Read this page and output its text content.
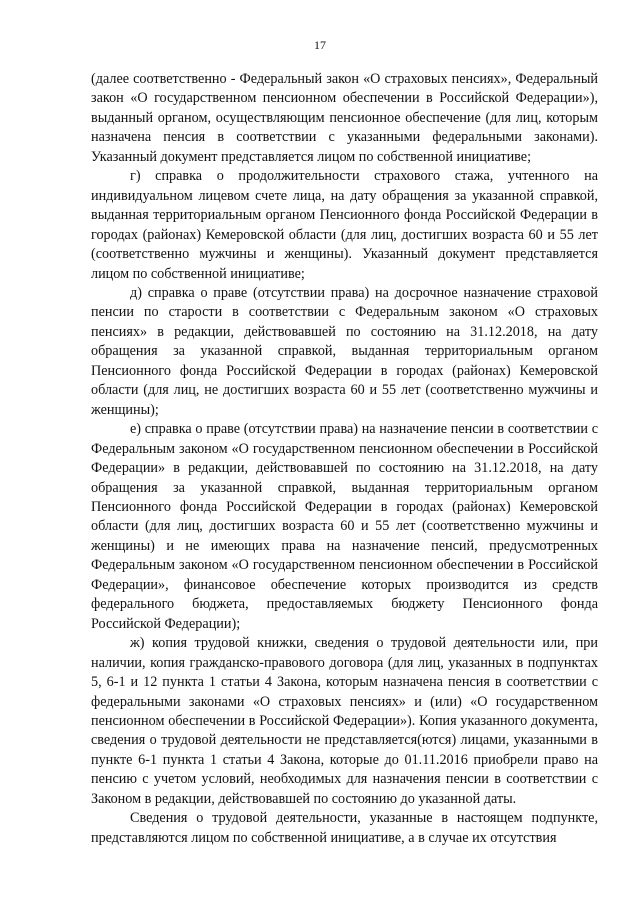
17

(далее соответственно - Федеральный закон «О страховых пенсиях», Федеральный закон «О государственном пенсионном обеспечении в Российской Федерации»), выданный органом, осуществляющим пенсионное обеспечение (для лиц, которым назначена пенсия в соответствии с указанными федеральными законами). Указанный документ представляется лицом по собственной инициативе;

г) справка о продолжительности страхового стажа, учтенного на индивидуальном лицевом счете лица, на дату обращения за указанной справкой, выданная территориальным органом Пенсионного фонда Российской Федерации в городах (районах) Кемеровской области (для лиц, достигших возраста 60 и 55 лет (соответственно мужчины и женщины). Указанный документ представляется лицом по собственной инициативе;

д) справка о праве (отсутствии права) на досрочное назначение страховой пенсии по старости в соответствии с Федеральным законом «О страховых пенсиях» в редакции, действовавшей по состоянию на 31.12.2018, на дату обращения за указанной справкой, выданная территориальным органом Пенсионного фонда Российской Федерации в городах (районах) Кемеровской области (для лиц, не достигших возраста 60 и 55 лет (соответственно мужчины и женщины);

е) справка о праве (отсутствии права) на назначение пенсии в соответствии с Федеральным законом «О государственном пенсионном обеспечении в Российской Федерации» в редакции, действовавшей по состоянию на 31.12.2018, на дату обращения за указанной справкой, выданная территориальным органом Пенсионного фонда Российской Федерации в городах (районах) Кемеровской области (для лиц, достигших возраста 60 и 55 лет (соответственно мужчины и женщины) и не имеющих права на назначение пенсий, предусмотренных Федеральным законом «О государственном пенсионном обеспечении в Российской Федерации», финансовое обеспечение которых производится из средств федерального бюджета, предоставляемых бюджету Пенсионного фонда Российской Федерации);

ж) копия трудовой книжки, сведения о трудовой деятельности или, при наличии, копия гражданско-правового договора (для лиц, указанных в подпунктах 5, 6-1 и 12 пункта 1 статьи 4 Закона, которым назначена пенсия в соответствии с федеральными законами «О страховых пенсиях» и (или) «О государственном пенсионном обеспечении в Российской Федерации»). Копия указанного документа, сведения о трудовой деятельности не представляется(ются) лицами, указанными в пункте 6-1 пункта 1 статьи 4 Закона, которые до 01.11.2016 приобрели право на пенсию с учетом условий, необходимых для назначения пенсии в соответствии с Законом в редакции, действовавшей по состоянию до указанной даты.

Сведения о трудовой деятельности, указанные в настоящем подпункте, представляются лицом по собственной инициативе, а в случае их отсутствия
